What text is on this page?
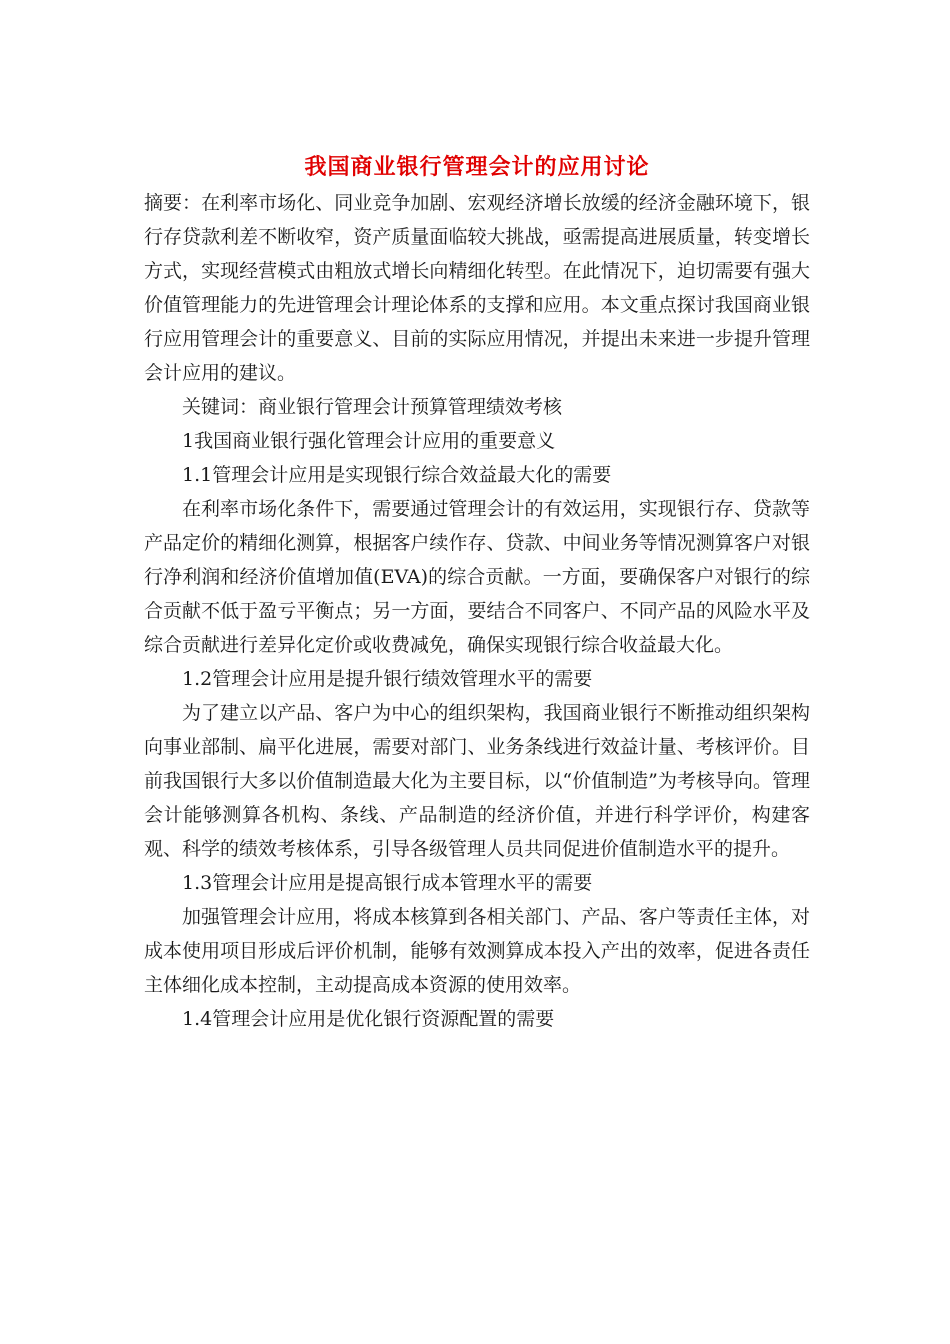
我国商业银行管理会计的应用讨论

摘要：在利率市场化、同业竞争加剧、宏观经济增长放缓的经济金融环境下，银行存贷款利差不断收窄，资产质量面临较大挑战，亟需提高进展质量，转变增长方式，实现经营模式由粗放式增长向精细化转型。在此情况下，迫切需要有强大价值管理能力的先进管理会计理论体系的支撑和应用。本文重点探讨我国商业银行应用管理会计的重要意义、目前的实际应用情况，并提出未来进一步提升管理会计应用的建议。

关键词：商业银行管理会计预算管理绩效考核

1我国商业银行强化管理会计应用的重要意义

1.1管理会计应用是实现银行综合效益最大化的需要

在利率市场化条件下，需要通过管理会计的有效运用，实现银行存、贷款等产品定价的精细化测算，根据客户续作存、贷款、中间业务等情况测算客户对银行净利润和经济价值增加值(EVA)的综合贡献。一方面，要确保客户对银行的综合贡献不低于盈亏平衡点；另一方面，要结合不同客户、不同产品的风险水平及综合贡献进行差异化定价或收费减免，确保实现银行综合收益最大化。

1.2管理会计应用是提升银行绩效管理水平的需要

为了建立以产品、客户为中心的组织架构，我国商业银行不断推动组织架构向事业部制、扁平化进展，需要对部门、业务条线进行效益计量、考核评价。目前我国银行大多以价值制造最大化为主要目标，以“价值制造”为考核导向。管理会计能够测算各机构、条线、产品制造的经济价值，并进行科学评价，构建客观、科学的绩效考核体系，引导各级管理人员共同促进价值制造水平的提升。

1.3管理会计应用是提高银行成本管理水平的需要

加强管理会计应用，将成本核算到各相关部门、产品、客户等责任主体，对成本使用项目形成后评价机制，能够有效测算成本投入产出的效率，促进各责任主体细化成本控制，主动提高成本资源的使用效率。

1.4管理会计应用是优化银行资源配置的需要
